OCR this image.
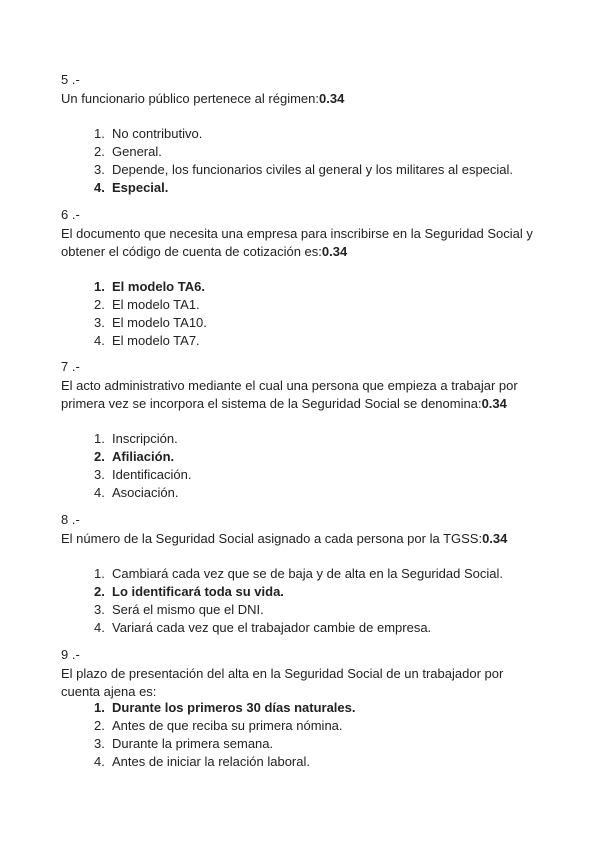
5 .-
Un funcionario público pertenece al régimen:0.34
1. No contributivo.
2. General.
3. Depende, los funcionarios civiles al general y los militares al especial.
4. Especial.
6 .-
El documento que necesita una empresa para inscribirse en la Seguridad Social y obtener el código de cuenta de cotización es:0.34
1. El modelo TA6.
2. El modelo TA1.
3. El modelo TA10.
4. El modelo TA7.
7 .-
El acto administrativo mediante el cual una persona que empieza a trabajar por primera vez se incorpora el sistema de la Seguridad Social se denomina:0.34
1. Inscripción.
2. Afiliación.
3. Identificación.
4. Asociación.
8 .-
El número de la Seguridad Social asignado a cada persona por la TGSS:0.34
1. Cambiará cada vez que se de baja y de alta en la Seguridad Social.
2. Lo identificará toda su vida.
3. Será el mismo que el DNI.
4. Variará cada vez que el trabajador cambie de empresa.
9 .-
El plazo de presentación del alta en la Seguridad Social de un trabajador por cuenta ajena es:
1. Durante los primeros 30 días naturales.
2. Antes de que reciba su primera nómina.
3. Durante la primera semana.
4. Antes de iniciar la relación laboral.
